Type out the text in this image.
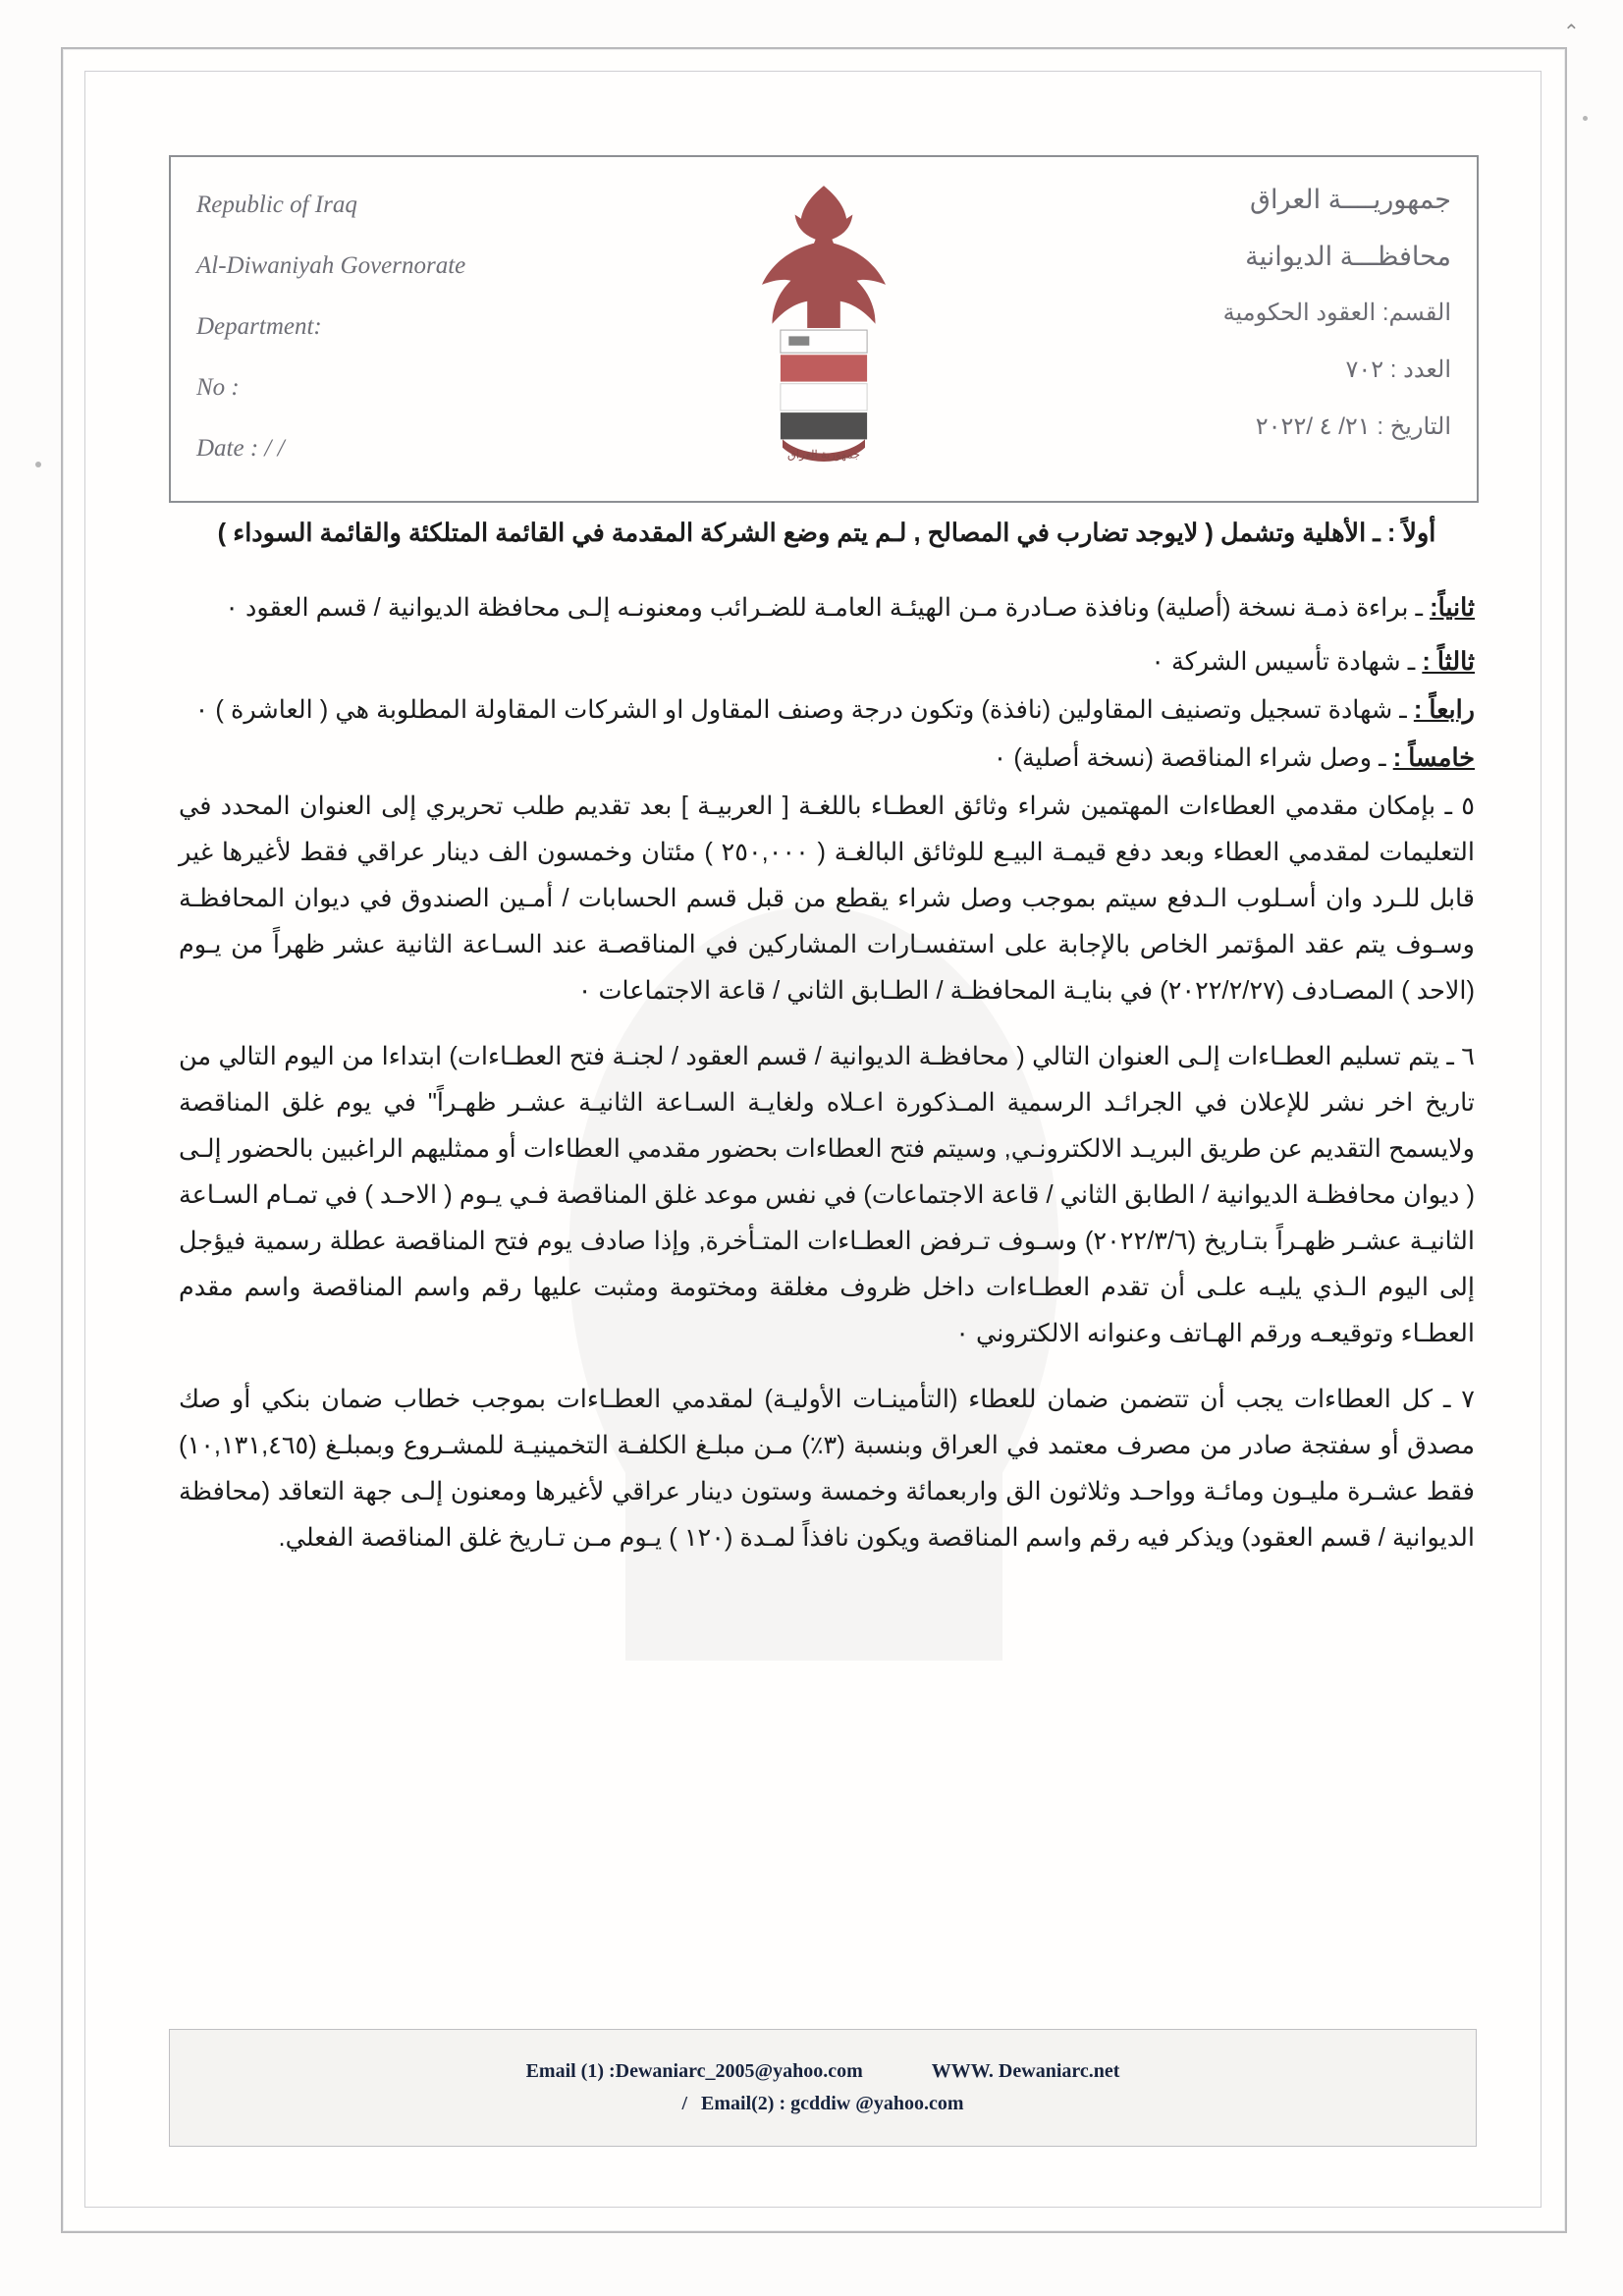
Republic of Iraq
Al-Diwaniyah Governorate
Department:
No :
Date : / /	جمهورية العراق
جمهوريــــة العراق
محافظـــة الديوانية
القسم: العقود الحكومية
العدد : ٧٠٢
التاريخ : ٢١/ ٤ /٢٠٢٢
أولاً : ـ الأهلية وتشمل ( لايوجد تضارب في المصالح , لـم يتم وضع الشركة المقدمة في القائمة المتلكئة والقائمة السوداء )
ثانياً: ـ براءة ذمـة نسخة (أصلية) ونافذة صـادرة مـن الهيئـة العامـة للضـرائب ومعنونـه إلـى محافظة الديوانية / قسم العقود ٠
ثالثاً : ـ شهادة تأسيس الشركة ٠
رابعاً : ـ شهادة تسجيل وتصنيف المقاولين (نافذة) وتكون درجة وصنف المقاول او الشركات المقاولة المطلوبة هي ( العاشرة ) ٠
خامساً : ـ وصل شراء المناقصة (نسخة أصلية) ٠
٥ ـ بإمكان مقدمي العطاءات المهتمين شراء وثائق العطـاء باللغـة [ العربيـة ] بعد تقديم طلب تحريري إلى العنوان المحدد في التعليمات لمقدمي العطاء وبعد دفع قيمـة البيـع للوثائق البالغـة ( ٢٥٠,٠٠٠ ) مئتان وخمسون الف دينار عراقي فقط لأغيرها غير قابل للـرد وان أسـلوب الـدفع سيتم بموجب وصل شراء يقطع من قبل قسم الحسابات / أمـين الصندوق في ديوان المحافظـة وسـوف يتم عقد المؤتمر الخاص بالإجابة على استفسـارات المشاركين في المناقصـة عند السـاعة الثانية عشر ظهراً من يـوم (الاحد ) المصـادف (٢٠٢٢/٢/٢٧) في بنايـة المحافظـة / الطـابق الثاني / قاعة الاجتماعات ٠
٦ ـ يتم تسليم العطـاءات إلـى العنوان التالي ( محافظـة الديوانية / قسم العقود / لجنـة فتح العطـاءات) ابتداءا من اليوم التالي من تاريخ اخر نشر للإعلان في الجرائـد الرسمية المـذكورة اعـلاه ولغايـة السـاعة الثانيـة عشـر ظهـراً" في يوم غلق المناقصة ولايسمح التقديم عن طريق البريـد الالكترونـي, وسيتم فتح العطاءات بحضور مقدمي العطاءات أو ممثليهم الراغبين بالحضور إلـى ( ديوان محافظـة الديوانية / الطابق الثاني / قاعة الاجتماعات) في نفس موعد غلق المناقصة فـي يـوم ( الاحـد ) في تمـام السـاعة الثانيـة عشـر ظهـراً بتـاريخ (٢٠٢٢/٣/٦) وسـوف تـرفض العطـاءات المتـأخرة, وإذا صادف يوم فتح المناقصة عطلة رسمية فيؤجل إلى اليوم الـذي يليـه علـى أن تقدم العطـاءات داخل ظروف مغلقة ومختومة ومثبت عليها رقم واسم المناقصة واسم مقدم العطـاء وتوقيعـه ورقم الهـاتف وعنوانه الالكتروني ٠
٧ ـ كل العطاءات يجب أن تتضمن ضمان للعطاء (التأمينـات الأوليـة) لمقدمي العطـاءات بموجب خطاب ضمان بنكي أو صك مصدق أو سفتجة صادر من مصرف معتمد في العراق وبنسبة (٣٪) مـن مبلـغ الكلفـة التخمينيـة للمشـروع وبمبلـغ (١٠,١٣١,٤٦٥) فقط عشـرة مليـون ومائـة وواحـد وثلاثون الق واربعمائة وخمسة وستون دينار عراقي لأغيرها ومعنون إلـى جهة التعاقد (محافظة الديوانية / قسم العقود) ويذكر فيه رقم واسم المناقصة ويكون نافذاً لمـدة (١٢٠ ) يـوم مـن تـاريخ غلق المناقصة الفعلي.
Email (1) :Dewaniarc_2005@yahoo.com	WWW. Dewaniarc.net
/ Email(2) : gcddiw @yahoo.com
⌃
